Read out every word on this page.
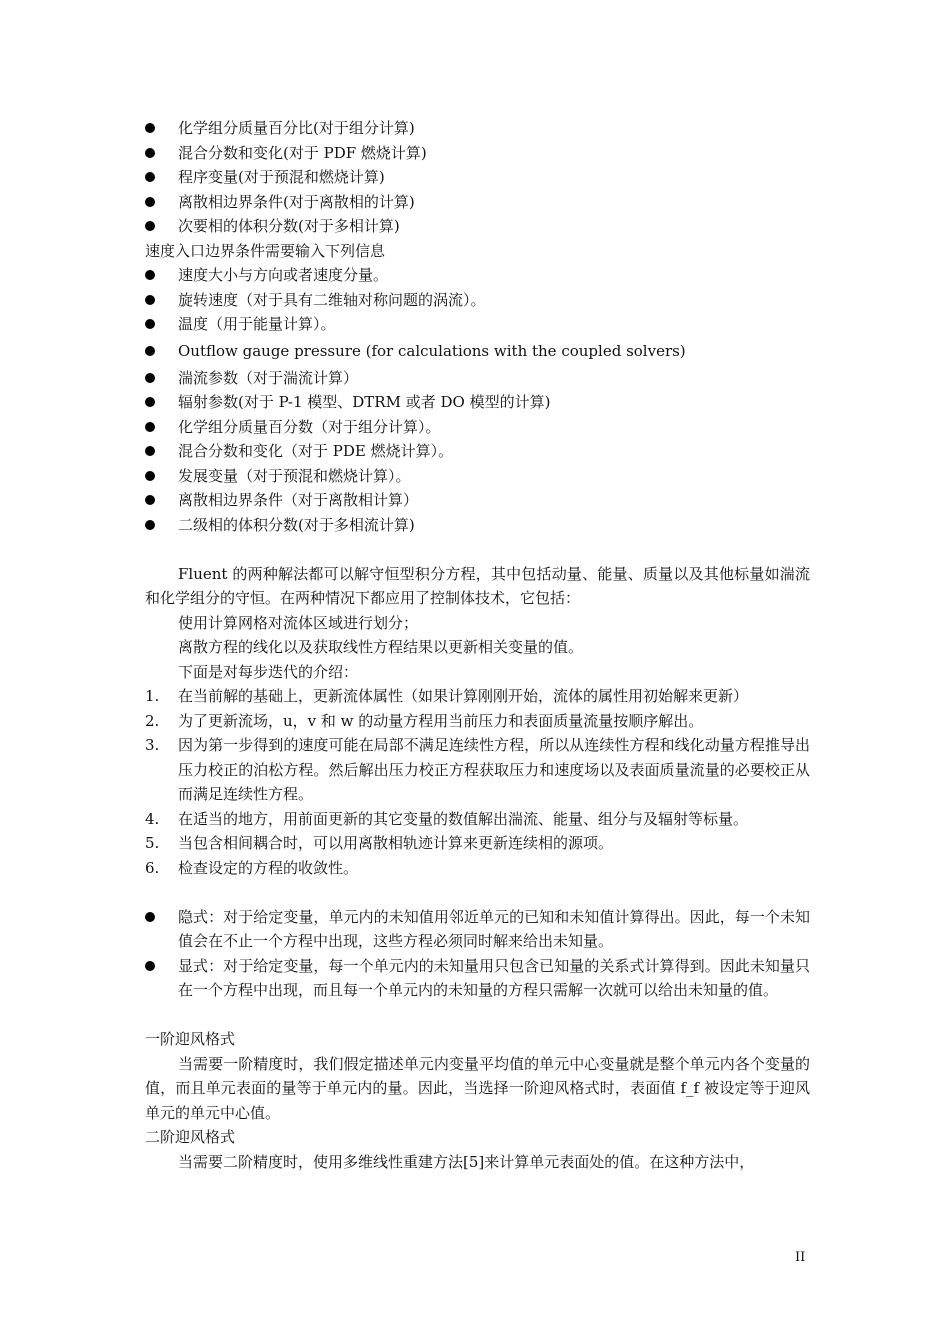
化学组分质量百分比(对于组分计算)
混合分数和变化(对于 PDF 燃烧计算)
程序变量(对于预混和燃烧计算)
离散相边界条件(对于离散相的计算)
次要相的体积分数(对于多相计算)
速度入口边界条件需要输入下列信息
速度大小与方向或者速度分量。
旋转速度（对于具有二维轴对称问题的涡流）。
温度（用于能量计算）。
Outflow gauge pressure (for calculations with the coupled solvers)
湍流参数（对于湍流计算）
辐射参数(对于 P-1 模型、DTRM 或者 DO 模型的计算)
化学组分质量百分数（对于组分计算）。
混合分数和变化（对于 PDE 燃烧计算）。
发展变量（对于预混和燃烧计算）。
离散相边界条件（对于离散相计算）
二级相的体积分数(对于多相流计算)

Fluent 的两种解法都可以解守恒型积分方程，其中包括动量、能量、质量以及其他标量如湍流和化学组分的守恒。在两种情况下都应用了控制体技术，它包括：

使用计算网格对流体区域进行划分；
离散方程的线化以及获取线性方程结果以更新相关变量的值。
下面是对每步迭代的介绍：
1. 在当前解的基础上，更新流体属性（如果计算刚刚开始，流体的属性用初始解来更新）
2. 为了更新流场，u，v 和 w 的动量方程用当前压力和表面质量流量按顺序解出。
3. 因为第一步得到的速度可能在局部不满足连续性方程，所以从连续性方程和线化动量方程推导出压力校正的泊松方程。然后解出压力校正方程获取压力和速度场以及表面质量流量的必要校正从而满足连续性方程。
4. 在适当的地方，用前面更新的其它变量的数值解出湍流、能量、组分与及辐射等标量。
5. 当包含相间耦合时，可以用离散相轨迹计算来更新连续相的源项。
6. 检查设定的方程的收敛性。
隐式：对于给定变量，单元内的未知值用邻近单元的已知和未知值计算得出。因此，每一个未知值会在不止一个方程中出现，这些方程必须同时解来给出未知量。
显式：对于给定变量，每一个单元内的未知量用只包含已知量的关系式计算得到。因此未知量只在一个方程中出现，而且每一个单元内的未知量的方程只需解一次就可以给出未知量的值。
一阶迎风格式

当需要一阶精度时，我们假定描述单元内变量平均值的单元中心变量就是整个单元内各个变量的值，而且单元表面的量等于单元内的量。因此，当选择一阶迎风格式时，表面值 f_f 被设定等于迎风单元的单元中心值。

二阶迎风格式

当需要二阶精度时，使用多维线性重建方法[5]来计算单元表面处的值。在这种方法中，

II
